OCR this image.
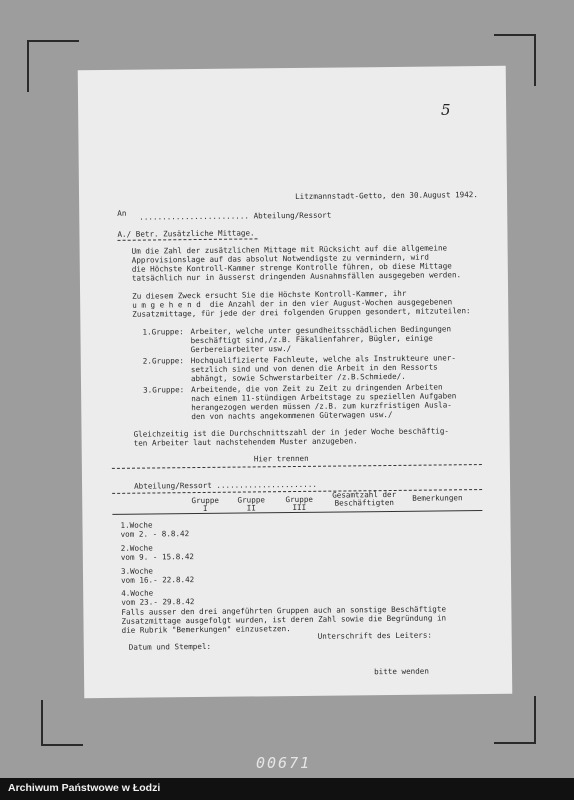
Litzmannstadt-Getto, den 30.August 1942.
An ........................ Abteilung/Ressort
A./ Betr. Zusätzliche Mittage.
Um die Zahl der zusätzlichen Mittage mit Rücksicht auf die allgemeine
Approvisionslage auf das absolut Notwendigste zu vermindern, wird
die Höchste Kontroll-Kammer strenge Kontrolle führen, ob diese Mittage
tatsächlich nur in äusserst dringenden Ausnahmsfällen ausgegeben werden.
Zu diesem Zweck ersucht Sie die Höchste Kontroll-Kammer, ihr
u m g e h e n d  die Anzahl der in den vier August-Wochen ausgegebenen
Zusatzmittage, für jede der drei folgenden Gruppen gesondert, mitzuteilen:
1.Gruppe: Arbeiter, welche unter gesundheitsschädlichen Bedingungen
beschäftigt sind,/z.B. Fäkalienfahrer, Bügler, einige
Gerbereiarbeiter usw./
2.Gruppe: Hochqualifizierte Fachleute, welche als Instrukteure uner-
setzlich sind und von denen die Arbeit in den Ressorts
abhängt, sowie Schwerstarbeiter /z.B.Schmiede/.
3.Gruppe: Arbeitende, die von Zeit zu Zeit zu dringenden Arbeiten
nach einem 11-stündigen Arbeitstage zu speziellen Aufgaben
herangezogen werden müssen /z.B. zum kurzfristigen Ausla-
den von nachts angekommenen Güterwagen usw./
Gleichzeitig ist die Durchschnittszahl der in jeder Woche beschäftig-
ten Arbeiter laut nachstehendem Muster anzugeben.
Hier trennen
Abteilung/Ressort ......................
Gruppe
I
Gruppe
II
Gruppe
III
Gesamtzahl der
Beschäftigten	Bemerkungen
1.Woche
vom 2. - 8.8.42
2.Woche
vom 9. - 15.8.42
3.Woche
vom 16.- 22.8.42
4.Woche
vom 23.- 29.8.42
Falls ausser den drei angeführten Gruppen auch an sonstige Beschäftigte
Zusatzmittage ausgefolgt wurden, ist deren Zahl sowie die Begründung in
die Rubrik "Bemerkungen" einzusetzen.
Datum und Stempel:
Unterschrift des Leiters:
bitte wenden
5
00671
Archiwum Państwowe w Łodzi
